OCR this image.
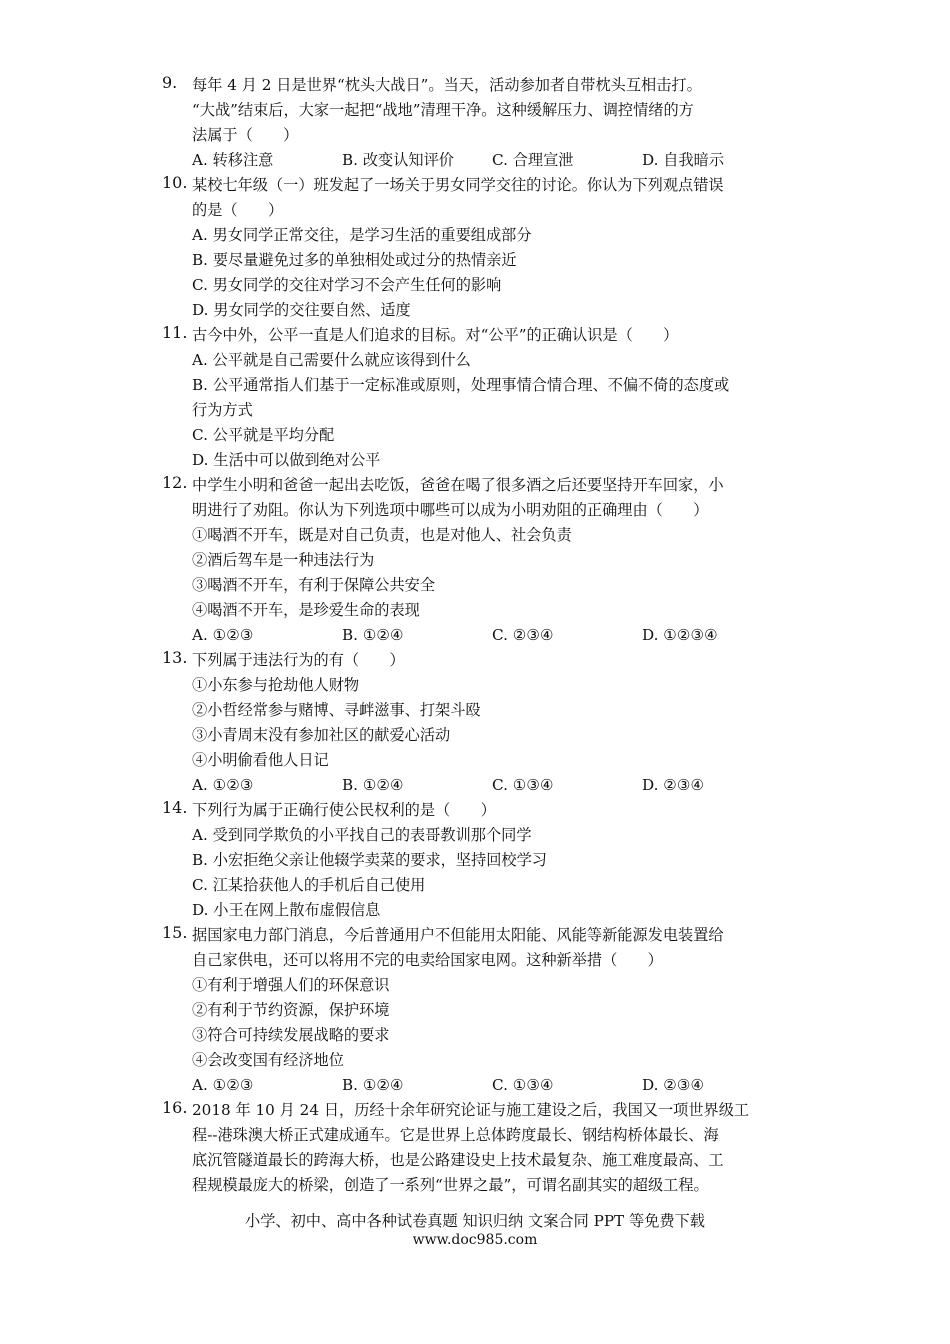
9. 每年 4 月 2 日是世界“枕头大战日”。当天，活动参加者自带枕头互相击打。
“大战”结束后，大家一起把“战地”清理干净。这种缓解压力、调控情绪的方
法属于（　　）
A. 转移注意	B. 改变认知评价	C. 合理宣泄	D. 自我暗示
10. 某校七年级（一）班发起了一场关于男女同学交往的讨论。你认为下列观点错误
的是（　　）
A. 男女同学正常交往，是学习生活的重要组成部分
B. 要尽量避免过多的单独相处或过分的热情亲近
C. 男女同学的交往对学习不会产生任何的影响
D. 男女同学的交往要自然、适度
11. 古今中外，公平一直是人们追求的目标。对“公平”的正确认识是（　　）
A. 公平就是自己需要什么就应该得到什么
B. 公平通常指人们基于一定标准或原则，处理事情合情合理、不偏不倚的态度或
行为方式
C. 公平就是平均分配
D. 生活中可以做到绝对公平
12. 中学生小明和爸爸一起出去吃饭，爸爸在喝了很多酒之后还要坚持开车回家，小
明进行了劝阻。你认为下列选项中哪些可以成为小明劝阻的正确理由（　　）
①喝酒不开车，既是对自己负责，也是对他人、社会负责
②酒后驾车是一种违法行为
③喝酒不开车，有利于保障公共安全
④喝酒不开车，是珍爱生命的表现
A. ①②③	B. ①②④	C. ②③④	D. ①②③④
13. 下列属于违法行为的有（　　）
①小东参与抢劫他人财物
②小哲经常参与赌博、寻衅滋事、打架斗殴
③小青周末没有参加社区的献爱心活动
④小明偷看他人日记
A. ①②③	B. ①②④	C. ①③④	D. ②③④
14. 下列行为属于正确行使公民权利的是（　　）
A. 受到同学欺负的小平找自己的表哥教训那个同学
B. 小宏拒绝父亲让他辍学卖菜的要求，坚持回校学习
C. 江某拾获他人的手机后自己使用
D. 小王在网上散布虚假信息
15. 据国家电力部门消息，今后普通用户不但能用太阳能、风能等新能源发电装置给
自己家供电，还可以将用不完的电卖给国家电网。这种新举措（　　）
①有利于增强人们的环保意识
②有利于节约资源，保护环境
③符合可持续发展战略的要求
④会改变国有经济地位
A. ①②③	B. ①②④	C. ①③④	D. ②③④
16. 2018 年 10 月 24 日，历经十余年研究论证与施工建设之后，我国又一项世界级工
程--港珠澳大桥正式建成通车。它是世界上总体跨度最长、钢结构桥体最长、海
底沉管隧道最长的跨海大桥，也是公路建设史上技术最复杂、施工难度最高、工
程规模最庞大的桥梁，创造了一系列“世界之最”，可谓名副其实的超级工程。
小学、初中、高中各种试卷真题 知识归纳 文案合同 PPT 等免费下载
www.doc985.com
